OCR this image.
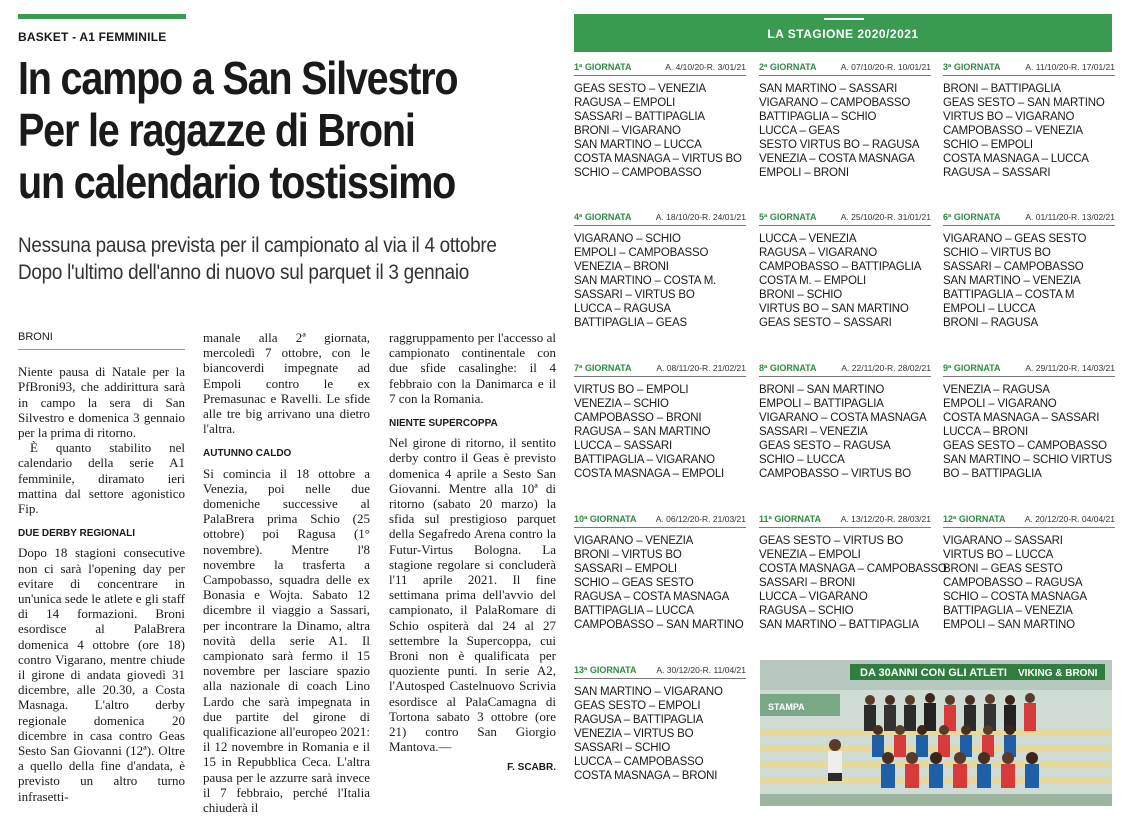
BASKET - A1 FEMMINILE
In campo a San Silvestro
Per le ragazze di Broni
un calendario tostissimo
Nessuna pausa prevista per il campionato al via il 4 ottobre
Dopo l'ultimo dell'anno di nuovo sul parquet il 3 gennaio
BRONI

Niente pausa di Natale per la PfBroni93, che addirittura sarà in campo la sera di San Silvestro e domenica 3 gennaio per la prima di ritorno.

È quanto stabilito nel calendario della serie A1 femminile, diramato ieri mattina dal settore agonistico Fip.

DUE DERBY REGIONALI

Dopo 18 stagioni consecutive non ci sarà l'opening day per evitare di concentrare in un'unica sede le atlete e gli staff di 14 formazioni. Broni esordisce al PalaBrera domenica 4 ottobre (ore 18) contro Vigarano, mentre chiude il girone di andata giovedì 31 dicembre, alle 20.30, a Costa Masnaga. L'altro derby regionale domenica 20 dicembre in casa contro Geas Sesto San Giovanni (12ª). Oltre a quello della fine d'andata, è previsto un altro turno infrasetti-

manale alla 2ª giornata, mercoledì 7 ottobre, con le biancoverdi impegnate ad Empoli contro le ex Premasunac e Ravelli. Le sfide alle tre big arrivano una dietro l'altra.

AUTUNNO CALDO

Si comincia il 18 ottobre a Venezia, poi nelle due domeniche successive al PalaBrera prima Schio (25 ottobre) poi Ragusa (1° novembre). Mentre l'8 novembre la trasferta a Campobasso, squadra delle ex Bonasia e Wojta. Sabato 12 dicembre il viaggio a Sassari, per incontrare la Dinamo, altra novità della serie A1. Il campionato sarà fermo il 15 novembre per lasciare spazio alla nazionale di coach Lino Lardo che sarà impegnata in due partite del girone di qualificazione all'europeo 2021: il 12 novembre in Romania e il 15 in Repubblica Ceca. L'altra pausa per le azzurre sarà invece il 7 febbraio, perché l'Italia chiuderà il

raggruppamento per l'accesso al campionato continentale con due sfide casalinghe: il 4 febbraio con la Danimarca e il 7 con la Romania.

NIENTE SUPERCOPPA

Nel girone di ritorno, il sentito derby contro il Geas è previsto domenica 4 aprile a Sesto San Giovanni. Mentre alla 10ª di ritorno (sabato 20 marzo) la sfida sul prestigioso parquet della Segafredo Arena contro la Futur-Virtus Bologna. La stagione regolare si concluderà l'11 aprile 2021. Il fine settimana prima dell'avvio del campionato, il PalaRomare di Schio ospiterà dal 24 al 27 settembre la Supercoppa, cui Broni non è qualificata per quoziente punti. In serie A2, l'Autosped Castelnuovo Scrivia esordisce al PalaCamagna di Tortona sabato 3 ottobre (ore 21) contro San Giorgio Mantova.—

F. SCABR.
LA STAGIONE 2020/2021
1ª GIORNATA	A. 4/10/20-R. 3/01/21
GEAS SESTO – VENEZIA
RAGUSA – EMPOLI
SASSARI – BATTIPAGLIA
BRONI – VIGARANO
SAN MARTINO – LUCCA
COSTA MASNAGA – VIRTUS BO
SCHIO – CAMPOBASSO
2ª GIORNATA	A. 07/10/20-R. 10/01/21
SAN MARTINO – SASSARI
VIGARANO – CAMPOBASSO
BATTIPAGLIA – SCHIO
LUCCA – GEAS
SESTO VIRTUS BO – RAGUSA
VENEZIA – COSTA MASNAGA
EMPOLI – BRONI
3ª GIORNATA	A. 11/10/20-R. 17/01/21
BRONI – BATTIPAGLIA
GEAS SESTO – SAN MARTINO
VIRTUS BO – VIGARANO
CAMPOBASSO – VENEZIA
SCHIO – EMPOLI
COSTA MASNAGA – LUCCA
RAGUSA – SASSARI
4ª GIORNATA	A. 18/10/20-R. 24/01/21
VIGARANO – SCHIO
EMPOLI – CAMPOBASSO
VENEZIA – BRONI
SAN MARTINO – COSTA M.
SASSARI – VIRTUS BO
LUCCA – RAGUSA
BATTIPAGLIA – GEAS
5ª GIORNATA	A. 25/10/20-R. 31/01/21
LUCCA – VENEZIA
RAGUSA – VIGARANO
CAMPOBASSO – BATTIPAGLIA
COSTA M. – EMPOLI
BRONI – SCHIO
VIRTUS BO – SAN MARTINO
GEAS SESTO – SASSARI
6ª GIORNATA	A. 01/11/20-R. 13/02/21
VIGARANO – GEAS SESTO
SCHIO – VIRTUS BO
SASSARI – CAMPOBASSO
SAN MARTINO – VENEZIA
BATTIPAGLIA – COSTA M
EMPOLI – LUCCA
BRONI – RAGUSA
7ª GIORNATA	A. 08/11/20-R. 21/02/21
VIRTUS BO – EMPOLI
VENEZIA – SCHIO
CAMPOBASSO – BRONI
RAGUSA – SAN MARTINO
LUCCA – SASSARI
BATTIPAGLIA – VIGARANO
COSTA MASNAGA – EMPOLI
8ª GIORNATA	A. 22/11/20-R. 28/02/21
BRONI – SAN MARTINO
EMPOLI – BATTIPAGLIA
VIGARANO – COSTA MASNAGA
SASSARI – VENEZIA
GEAS SESTO – RAGUSA
SCHIO – LUCCA
CAMPOBASSO – VIRTUS BO
9ª GIORNATA	A. 29/11/20-R. 14/03/21
VENEZIA – RAGUSA
EMPOLI – VIGARANO
COSTA MASNAGA – SASSARI
LUCCA – BRONI
GEAS SESTO – CAMPOBASSO
SAN MARTINO – SCHIO VIRTUS
BO – BATTIPAGLIA
10ª GIORNATA A. 06/12/20-R. 21/03/21
VIGARANO – VENEZIA
BRONI – VIRTUS BO
SASSARI – EMPOLI
SCHIO – GEAS SESTO
RAGUSA – COSTA MASNAGA
BATTIPAGLIA – LUCCA
CAMPOBASSO – SAN MARTINO
11ª GIORNATA A. 13/12/20-R. 28/03/21
GEAS SESTO – VIRTUS BO
VENEZIA – EMPOLI
COSTA MASNAGA – CAMPOBASSO
SASSARI – BRONI
LUCCA – VIGARANO
RAGUSA – SCHIO
SAN MARTINO – BATTIPAGLIA
12ª GIORNATA A. 20/12/20-R. 04/04/21
VIGARANO – SASSARI
VIRTUS BO – LUCCA
BRONI – GEAS SESTO
CAMPOBASSO – RAGUSA
SCHIO – COSTA MASNAGA
BATTIPAGLIA – VENEZIA
EMPOLI – SAN MARTINO
13ª GIORNATA A. 30/12/20-R. 11/04/21
SAN MARTINO – VIGARANO
GEAS SESTO – EMPOLI
RAGUSA – BATTIPAGLIA
VENEZIA – VIRTUS BO
SASSARI – SCHIO
LUCCA – CAMPOBASSO
COSTA MASNAGA – BRONI
DA 30ANNI CON GLI ATLETI VIKING & BRONI
STAMPA
